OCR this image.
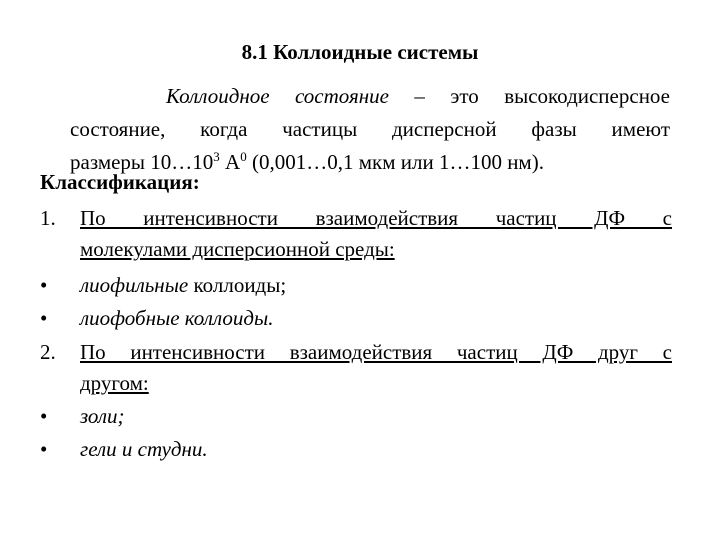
8.1 Коллоидные системы
Коллоидное состояние – это высокодисперсное
состояние, когда частицы дисперсной фазы имеют
размеры $10\dots 10^3$ $А^0$ (0,001…0,1 мкм или 1…100 нм).
Классификация:
1. По интенсивности взаимодействия частиц ДФ с
молекулами дисперсионной среды:
• лиофильные коллоиды;
• лиофобные коллоиды.
2. По интенсивности взаимодействия частиц ДФ друг с
другом:
• золи;
• гели и студни.
